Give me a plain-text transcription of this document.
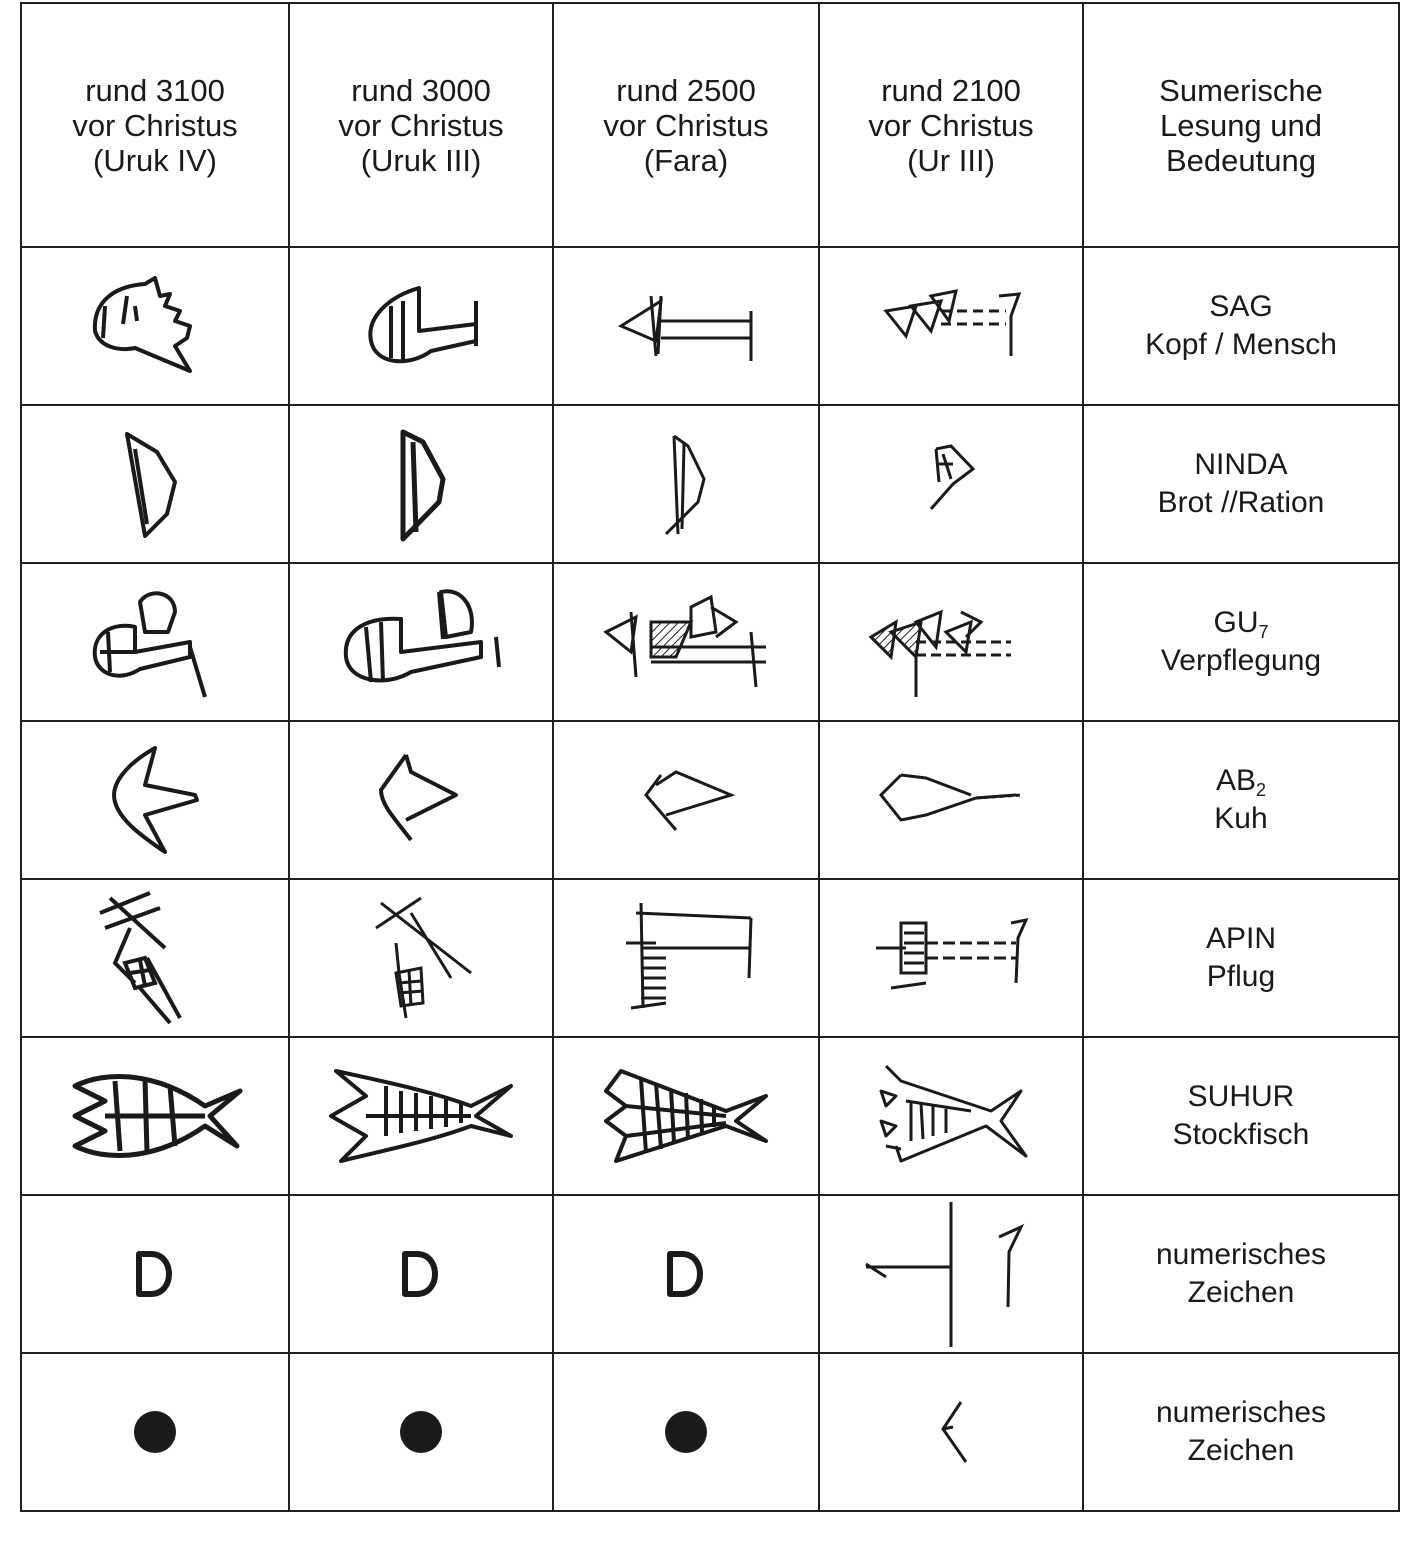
rund 3100
vor Christus
(Uruk IV)	rund 3000
vor Christus
(Uruk III)	rund 2500
vor Christus
(Fara)	rund 2100
vor Christus
(Ur III)	Sumerische
Lesung und
Bedeutung

SAG
Kopf / Mensch

NINDA
Brot //Ration

$GU_7$
Verpflegung

$AB_2$
Kuh

APIN
Pflug

SUHUR
Stockfisch

numerisches
Zeichen

numerisches
Zeichen
